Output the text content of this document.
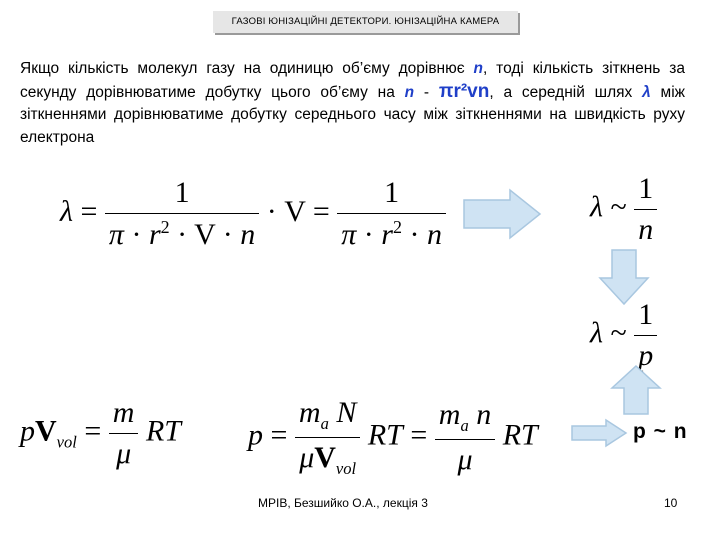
ГАЗОВІ ЮНІЗАЦІЙНІ ДЕТЕКТОРИ. ЮНІЗАЦІЙНА КАМЕРА
Якщо кількість молекул газу на одиницю об’єму дорівнює n, тоді кількість зіткнень за секунду дорівнюватиме добутку цього об’єму на n - πr²vn, а середній шлях λ між зіткненнями дорівнюватиме добутку середнього часу між зіткненнями на швидкість руху електрона
$\lambda = \frac{1}{\pi \cdot r^2 \cdot V \cdot n} \cdot V = \frac{1}{\pi \cdot r^2 \cdot n}$	λ ~ $\frac{1}{n}$
λ ~ $\frac{1}{p}$
$pV_{vol} = \frac{m}{\mu}$ RT $p = \frac{m_a N}{\mu V_{vol}}$ RT = $\frac{m_a n}{\mu}$ RT	p ~ n
МРІВ, Безшийко О.А., лекція 3	10
